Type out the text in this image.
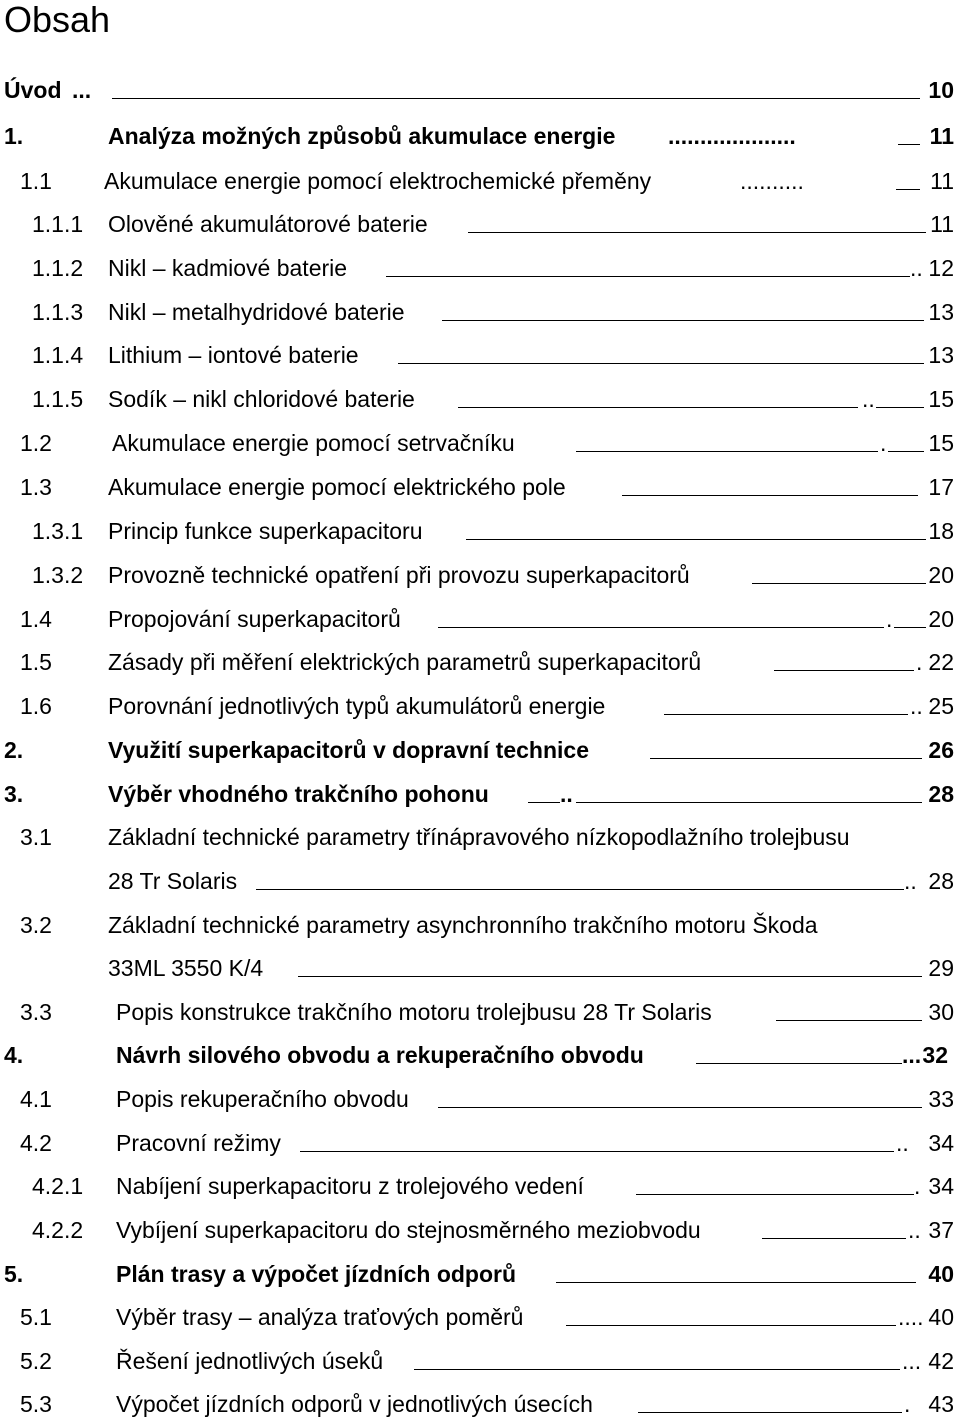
Obsah
Úvod ...	10
1.	Analýza možných způsobů akumulace energie ....................	11
1.1 Akumulace energie pomocí elektrochemické přeměny	..........	11
1.1.1 Olověné akumulátorové baterie	11
1.1.2 Nikl – kadmiové baterie	.. 12
1.1.3 Nikl – metalhydridové baterie	13
1.1.4 Lithium – iontové baterie	13
1.1.5 Sodík – nikl chloridové baterie	.. 15
1.2	Akumulace energie pomocí setrvačníku	. 15
1.3 Akumulace energie pomocí elektrického pole	17
1.3.1 Princip funkce superkapacitoru	18
1.3.2 Provozně technické opatření při provozu superkapacitorů	20
1.4 Propojování superkapacitorů	. 20
1.5 Zásady při měření elektrických parametrů superkapacitorů	. 22
1.6 Porovnání jednotlivých typů akumulátorů energie	.. 25
2.	Využití superkapacitorů v dopravní technice	26
3.	Výběr vhodného trakčního pohonu	..	28
3.1 Základní technické parametry třínápravového nízkopodlažního trolejbusu
28 Tr Solaris	.. 28
3.2 Základní technické parametry asynchronního trakčního motoru Škoda
33ML 3550 K/4	29
3.3	Popis konstrukce trakčního motoru trolejbusu 28 Tr Solaris	30
4.	Návrh silového obvodu a rekuperačního obvodu	... 32
4.1	Popis rekuperačního obvodu	33
4.2	Pracovní režimy	.. 34
4.2.1 Nabíjení superkapacitoru z trolejového vedení	. 34
4.2.2 Vybíjení superkapacitoru do stejnosměrného meziobvodu	.. 37
5.	Plán trasy a výpočet jízdních odporů	40
5.1	Výběr trasy – analýza traťových poměrů	.... 40
5.2	Řešení jednotlivých úseků	... 42
5.3	Výpočet jízdních odporů v jednotlivých úsecích	. 43
